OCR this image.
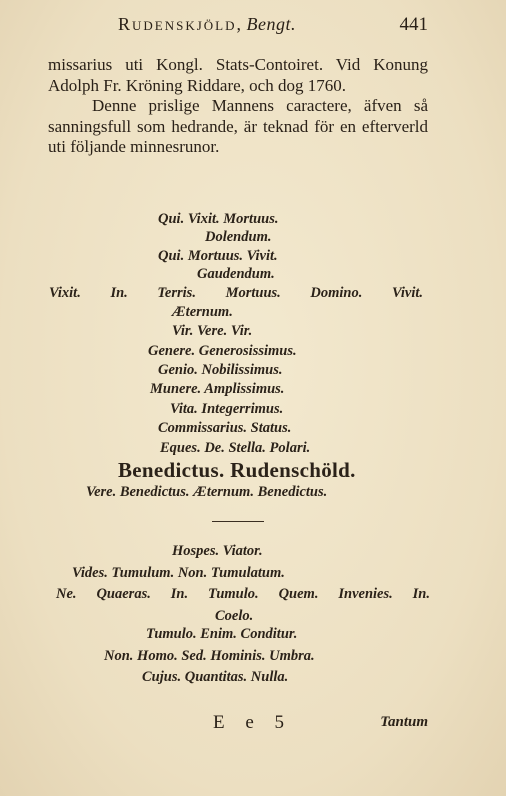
Rudenskjöld, Bengt.	441

missarius uti Kongl. Stats-Contoiret. Vid Konung Adolph Fr. Kröning Riddare, och dog 1760.

Denne prislige Mannens caractere, äfven så sanningsfull som hedrande, är teknad för en efterverld uti följande minnesrunor.

Qui. Vixit. Mortuus.
Dolendum.
Qui. Mortuus. Vivit.
Gaudendum.
Vixit. In. Terris. Mortuus. Domino. Vivit.
Æternum.
Vir. Vere. Vir.
Genere. Generosissimus.
Genio. Nobilissimus.
Munere. Amplissimus.
Vita. Integerrimus.
Commissarius. Status.
Eques. De. Stella. Polari.
Benedictus. Rudenschöld.
Vere. Benedictus. Æternum. Benedictus.
Hospes. Viator.
Vides. Tumulum. Non. Tumulatum.
Ne. Quaeras. In. Tumulo. Quem. Invenies. In.
Coelo.
Tumulo. Enim. Conditur.
Non. Homo. Sed. Hominis. Umbra.
Cujus. Quantitas. Nulla.
E e 5	Tantum
